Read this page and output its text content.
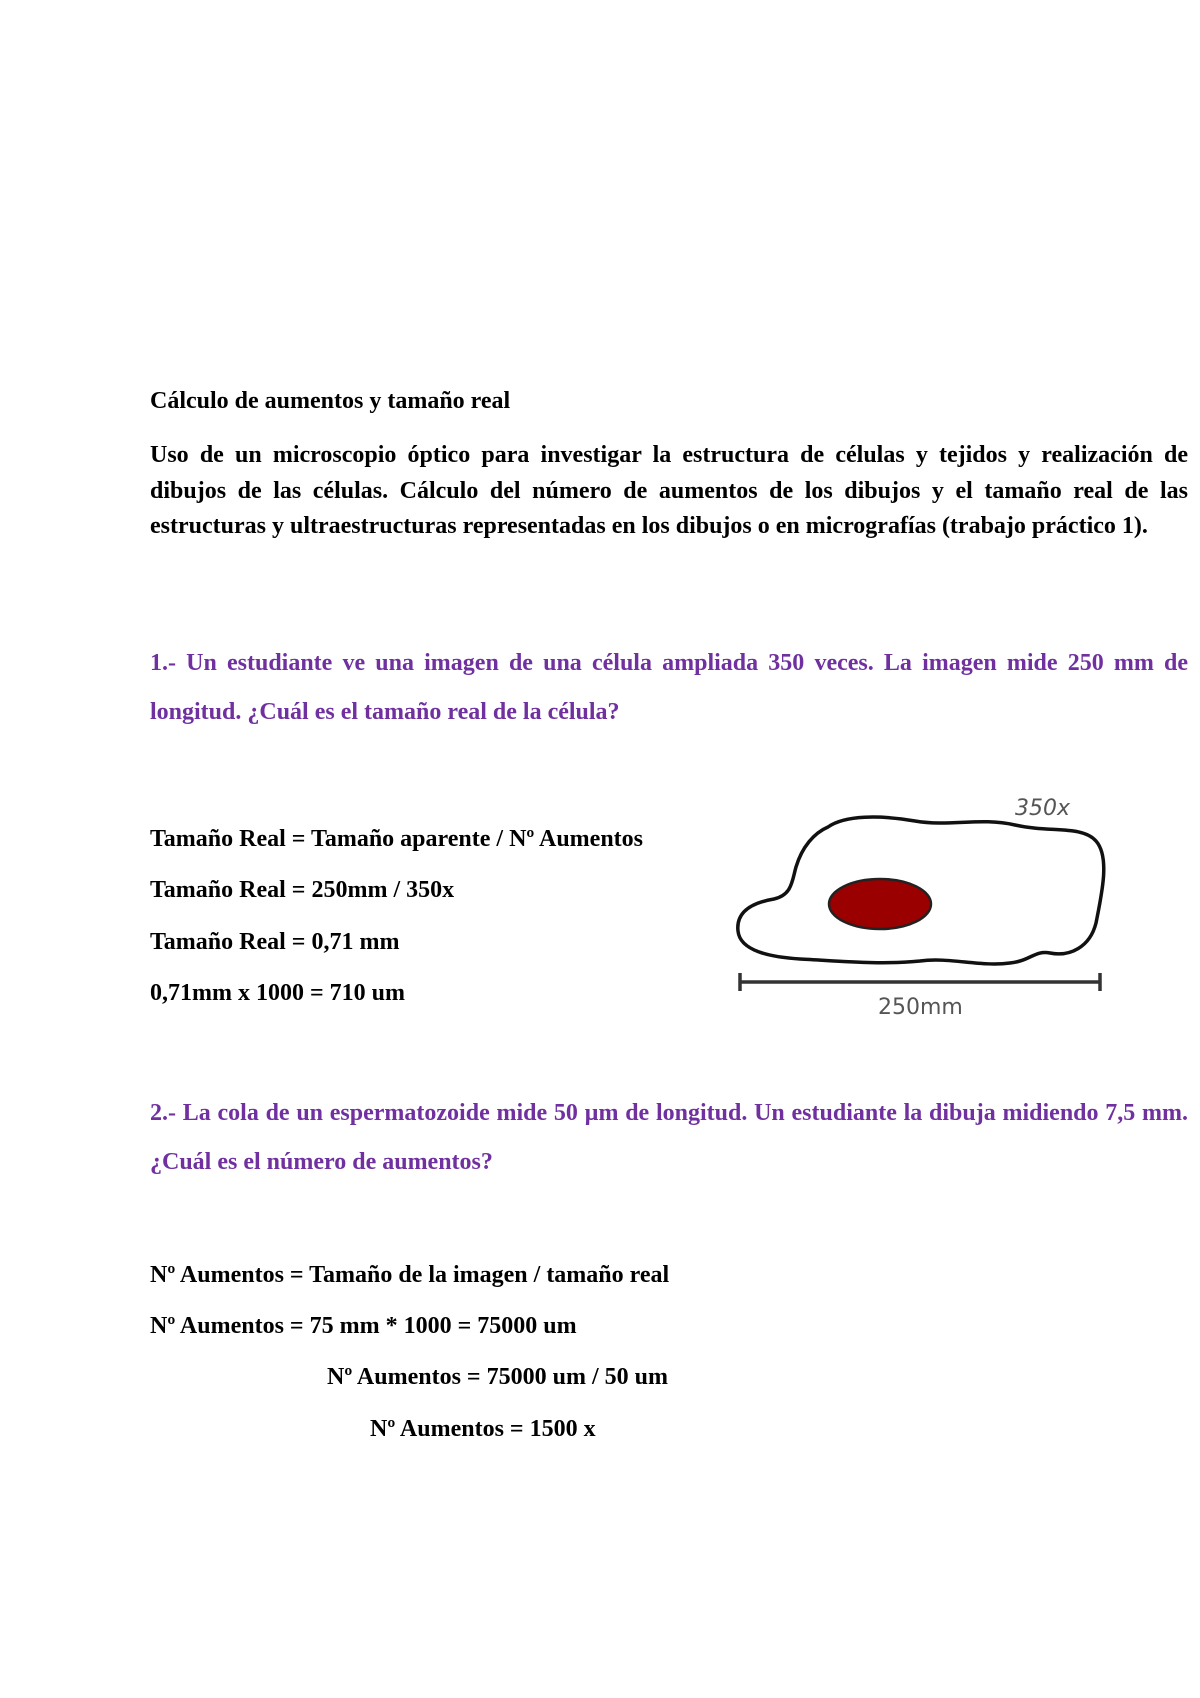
Cálculo de aumentos y tamaño real

Uso de un microscopio óptico para investigar la estructura de células y tejidos y realización de dibujos de las células. Cálculo del número de aumentos de los dibujos y el tamaño real de las estructuras y ultraestructuras representadas en los dibujos o en micrografías (trabajo práctico 1).

1.- Un estudiante ve una imagen de una célula ampliada 350 veces. La imagen mide 250 mm de longitud. ¿Cuál es el tamaño real de la célula?

Tamaño Real = Tamaño aparente / Nº Aumentos

Tamaño Real = 250mm / 350x

Tamaño Real = 0,71 mm

0,71mm x 1000 = 710 um

350x
250mm

2.- La cola de un espermatozoide mide 50 µm de longitud. Un estudiante la dibuja midiendo 7,5 mm. ¿Cuál es el número de aumentos?

Nº Aumentos = Tamaño de la imagen / tamaño real

Nº Aumentos = 75 mm * 1000 = 75000 um

Nº Aumentos = 75000 um / 50 um

Nº Aumentos = 1500 x
